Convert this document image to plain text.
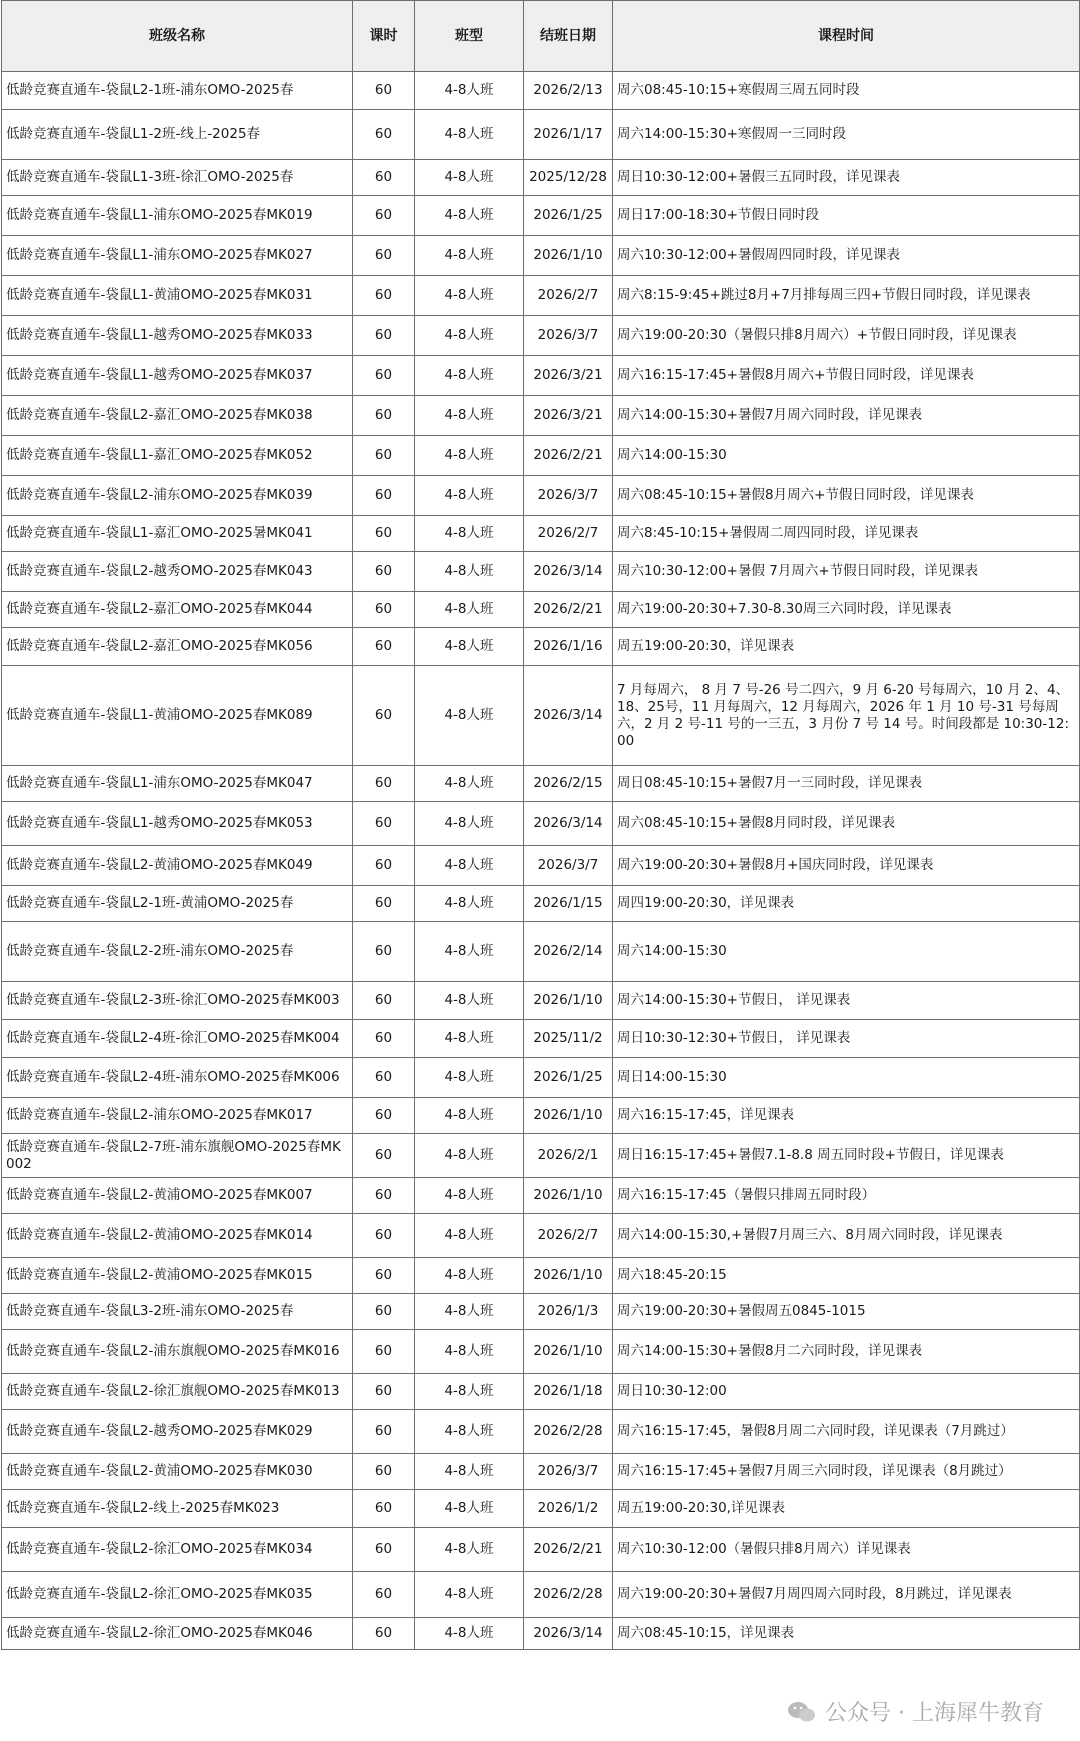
班级名称	课时	班型	结班日期	课程时间
低龄竞赛直通车-袋鼠L2-1班-浦东OMO-2025春	60	4-8人班	2026/2/13	周六08:45-10:15+寒假周三周五同时段
低龄竞赛直通车-袋鼠L1-2班-线上-2025春	60	4-8人班	2026/1/17	周六14:00-15:30+寒假周一三同时段
低龄竞赛直通车-袋鼠L1-3班-徐汇OMO-2025春	60	4-8人班	2025/12/28	周日10:30-12:00+暑假三五同时段，详见课表
低龄竞赛直通车-袋鼠L1-浦东OMO-2025春MK019	60	4-8人班	2026/1/25	周日17:00-18:30+节假日同时段
低龄竞赛直通车-袋鼠L1-浦东OMO-2025春MK027	60	4-8人班	2026/1/10	周六10:30-12:00+暑假周四同时段，详见课表
低龄竞赛直通车-袋鼠L1-黄浦OMO-2025春MK031	60	4-8人班	2026/2/7	周六8:15-9:45+跳过8月+7月排每周三四+节假日同时段，详见课表
低龄竞赛直通车-袋鼠L1-越秀OMO-2025春MK033	60	4-8人班	2026/3/7	周六19:00-20:30（暑假只排8月周六）+节假日同时段，详见课表
低龄竞赛直通车-袋鼠L1-越秀OMO-2025春MK037	60	4-8人班	2026/3/21	周六16:15-17:45+暑假8月周六+节假日同时段，详见课表
低龄竞赛直通车-袋鼠L2-嘉汇OMO-2025春MK038	60	4-8人班	2026/3/21	周六14:00-15:30+暑假7月周六同时段，详见课表
低龄竞赛直通车-袋鼠L1-嘉汇OMO-2025春MK052	60	4-8人班	2026/2/21	周六14:00-15:30
低龄竞赛直通车-袋鼠L2-浦东OMO-2025春MK039	60	4-8人班	2026/3/7	周六08:45-10:15+暑假8月周六+节假日同时段，详见课表
低龄竞赛直通车-袋鼠L1-嘉汇OMO-2025暑MK041	60	4-8人班	2026/2/7	周六8:45-10:15+暑假周二周四同时段，详见课表
低龄竞赛直通车-袋鼠L2-越秀OMO-2025春MK043	60	4-8人班	2026/3/14	周六10:30-12:00+暑假 7月周六+节假日同时段，详见课表
低龄竞赛直通车-袋鼠L2-嘉汇OMO-2025春MK044	60	4-8人班	2026/2/21	周六19:00-20:30+7.30-8.30周三六同时段，详见课表
低龄竞赛直通车-袋鼠L2-嘉汇OMO-2025春MK056	60	4-8人班	2026/1/16	周五19:00-20:30，详见课表
低龄竞赛直通车-袋鼠L1-黄浦OMO-2025春MK089	60	4-8人班	2026/3/14	7 月每周六， 8 月 7 号-26 号二四六，9 月 6-20 号每周六，10 月 2、4、18、25号，11 月每周六，12 月每周六，2026 年 1 月 10 号-31 号每周六，2 月 2 号-11 号的一三五，3 月份 7 号 14 号。时间段都是 10:30-12:00
低龄竞赛直通车-袋鼠L1-浦东OMO-2025春MK047	60	4-8人班	2026/2/15	周日08:45-10:15+暑假7月一三同时段，详见课表
低龄竞赛直通车-袋鼠L1-越秀OMO-2025春MK053	60	4-8人班	2026/3/14	周六08:45-10:15+暑假8月同时段，详见课表
低龄竞赛直通车-袋鼠L2-黄浦OMO-2025春MK049	60	4-8人班	2026/3/7	周六19:00-20:30+暑假8月+国庆同时段，详见课表
低龄竞赛直通车-袋鼠L2-1班-黄浦OMO-2025春	60	4-8人班	2026/1/15	周四19:00-20:30，详见课表
低龄竞赛直通车-袋鼠L2-2班-浦东OMO-2025春	60	4-8人班	2026/2/14	周六14:00-15:30
低龄竞赛直通车-袋鼠L2-3班-徐汇OMO-2025春MK003	60	4-8人班	2026/1/10	周六14:00-15:30+节假日， 详见课表
低龄竞赛直通车-袋鼠L2-4班-徐汇OMO-2025春MK004	60	4-8人班	2025/11/2	周日10:30-12:30+节假日， 详见课表
低龄竞赛直通车-袋鼠L2-4班-浦东OMO-2025春MK006	60	4-8人班	2026/1/25	周日14:00-15:30
低龄竞赛直通车-袋鼠L2-浦东OMO-2025春MK017	60	4-8人班	2026/1/10	周六16:15-17:45，详见课表
低龄竞赛直通车-袋鼠L2-7班-浦东旗舰OMO-2025春MK002	60	4-8人班	2026/2/1	周日16:15-17:45+暑假7.1-8.8 周五同时段+节假日，详见课表
低龄竞赛直通车-袋鼠L2-黄浦OMO-2025春MK007	60	4-8人班	2026/1/10	周六16:15-17:45（暑假只排周五同时段）
低龄竞赛直通车-袋鼠L2-黄浦OMO-2025春MK014	60	4-8人班	2026/2/7	周六14:00-15:30,+暑假7月周三六、8月周六同时段，详见课表
低龄竞赛直通车-袋鼠L2-黄浦OMO-2025春MK015	60	4-8人班	2026/1/10	周六18:45-20:15
低龄竞赛直通车-袋鼠L3-2班-浦东OMO-2025春	60	4-8人班	2026/1/3	周六19:00-20:30+暑假周五0845-1015
低龄竞赛直通车-袋鼠L2-浦东旗舰OMO-2025春MK016	60	4-8人班	2026/1/10	周六14:00-15:30+暑假8月二六同时段，详见课表
低龄竞赛直通车-袋鼠L2-徐汇旗舰OMO-2025春MK013	60	4-8人班	2026/1/18	周日10:30-12:00
低龄竞赛直通车-袋鼠L2-越秀OMO-2025春MK029	60	4-8人班	2026/2/28	周六16:15-17:45，暑假8月周二六同时段，详见课表（7月跳过）
低龄竞赛直通车-袋鼠L2-黄浦OMO-2025春MK030	60	4-8人班	2026/3/7	周六16:15-17:45+暑假7月周三六同时段，详见课表（8月跳过）
低龄竞赛直通车-袋鼠L2-线上-2025春MK023	60	4-8人班	2026/1/2	周五19:00-20:30,详见课表
低龄竞赛直通车-袋鼠L2-徐汇OMO-2025春MK034	60	4-8人班	2026/2/21	周六10:30-12:00（暑假只排8月周六）详见课表
低龄竞赛直通车-袋鼠L2-徐汇OMO-2025春MK035	60	4-8人班	2026/2/28	周六19:00-20:30+暑假7月周四周六同时段，8月跳过，详见课表
低龄竞赛直通车-袋鼠L2-徐汇OMO-2025春MK046	60	4-8人班	2026/3/14	周六08:45-10:15，详见课表
公众号 · 上海犀牛教育
